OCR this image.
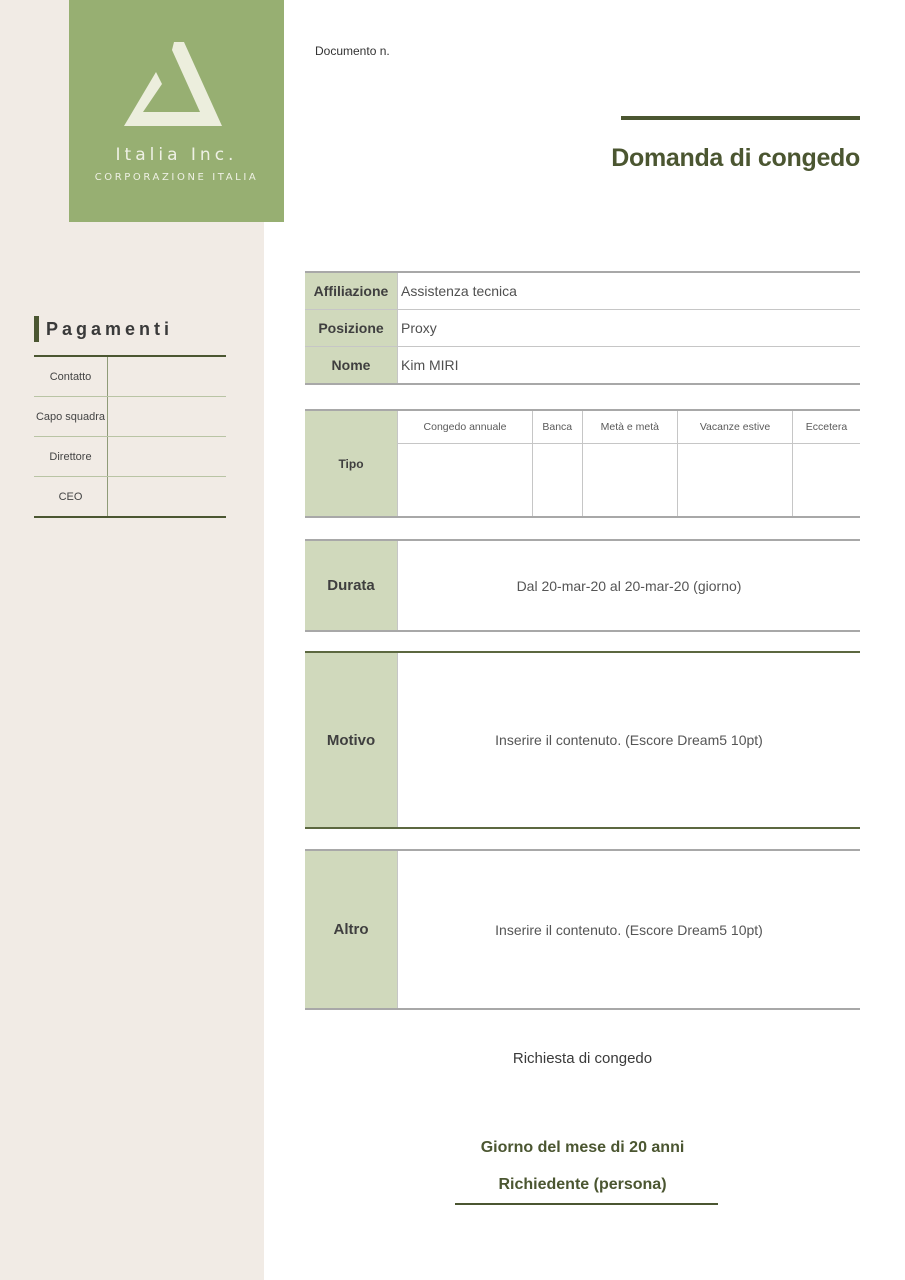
Italia Inc.
CORPORAZIONE ITALIA
Documento n.
Domanda di congedo
Pagamenti
Contatto	
Capo squadra	
Direttore	
CEO	
Affiliazione	Assistenza tecnica
Posizione	Proxy
Nome	Kim MIRI
Tipo	Congedo annuale	Banca	Metà e metà	Vacanze estive	Eccetera

Durata	Dal 20-mar-20 al 20-mar-20 (giorno)
Motivo	Inserire il contenuto. (Escore Dream5 10pt)
Altro	Inserire il contenuto. (Escore Dream5 10pt)
Richiesta di congedo
Giorno del mese di 20 anni
Richiedente (persona)
